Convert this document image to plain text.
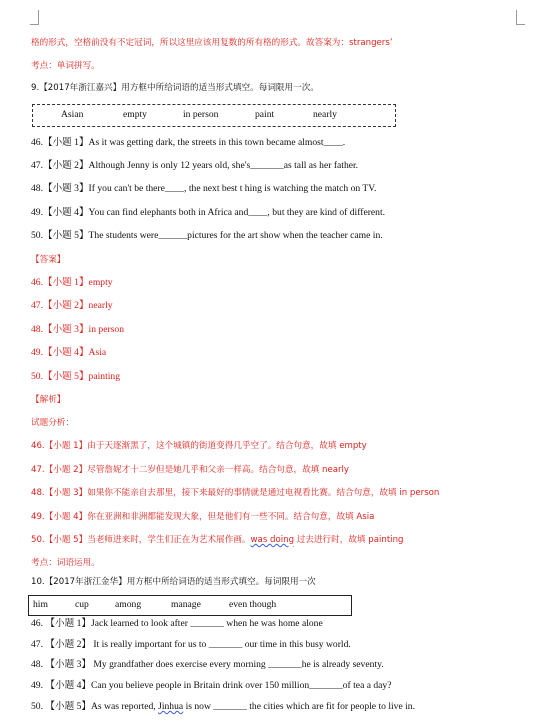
格的形式，空格前没有不定冠词，所以这里应该用复数的所有格的形式。故答案为：strangers’
考点：单词拼写。
9.【2017年浙江嘉兴】用方框中所给词语的适当形式填空。每词限用一次。
Asian	empty	in person	paint	nearly
46.【小题 1】As it was getting dark, the streets in this town became almost____.
47.【小题 2】Although Jenny is only 12 years old, she's_______as tall as her father.
48.【小题 3】If you can't be there____, the next best t hing is watching the match on TV.
49.【小题 4】You can find elephants both in Africa and____, but they are kind of different.
50.【小题 5】The students were______pictures for the art show when the teacher came in.
【答案】
46.【小题 1】empty
47.【小题 2】nearly
48.【小题 3】in person
49.【小题 4】Asia
50.【小题 5】painting
【解析】
试题分析：
46.【小题 1】由于天逐渐黑了，这个城镇的街道变得几乎空了。结合句意，故填 empty
47.【小题 2】尽管詹妮才十二岁但是她几乎和父亲一样高。结合句意，故填 nearly
48.【小题 3】如果你不能亲自去那里，接下来最好的事情就是通过电视看比赛。结合句意，故填 in person
49.【小题 4】你在亚洲和非洲都能发现大象，但是他们有一些不同。结合句意，故填 Asia
50.【小题 5】当老师进来时，学生们正在为艺术展作画。was doing 过去进行时，故填 painting
考点：词语运用。
10.【2017年浙江金华】用方框中所给词语的适当形式填空。每词限用一次
him	cup	among	manage	even though
46. 【小题 1】Jack learned to look after _______ when he was home alone
47. 【小题 2】 It is really important for us to _______ our time in this busy world.
48. 【小题 3】 My grandfather does exercise every morning _______he is already seventy.
49. 【小题 4】Can you believe people in Britain drink over 150 million_______of tea a day?
50. 【小题 5】As was reported, Jinhua is now _______ the cities which are fit for people to live in.
